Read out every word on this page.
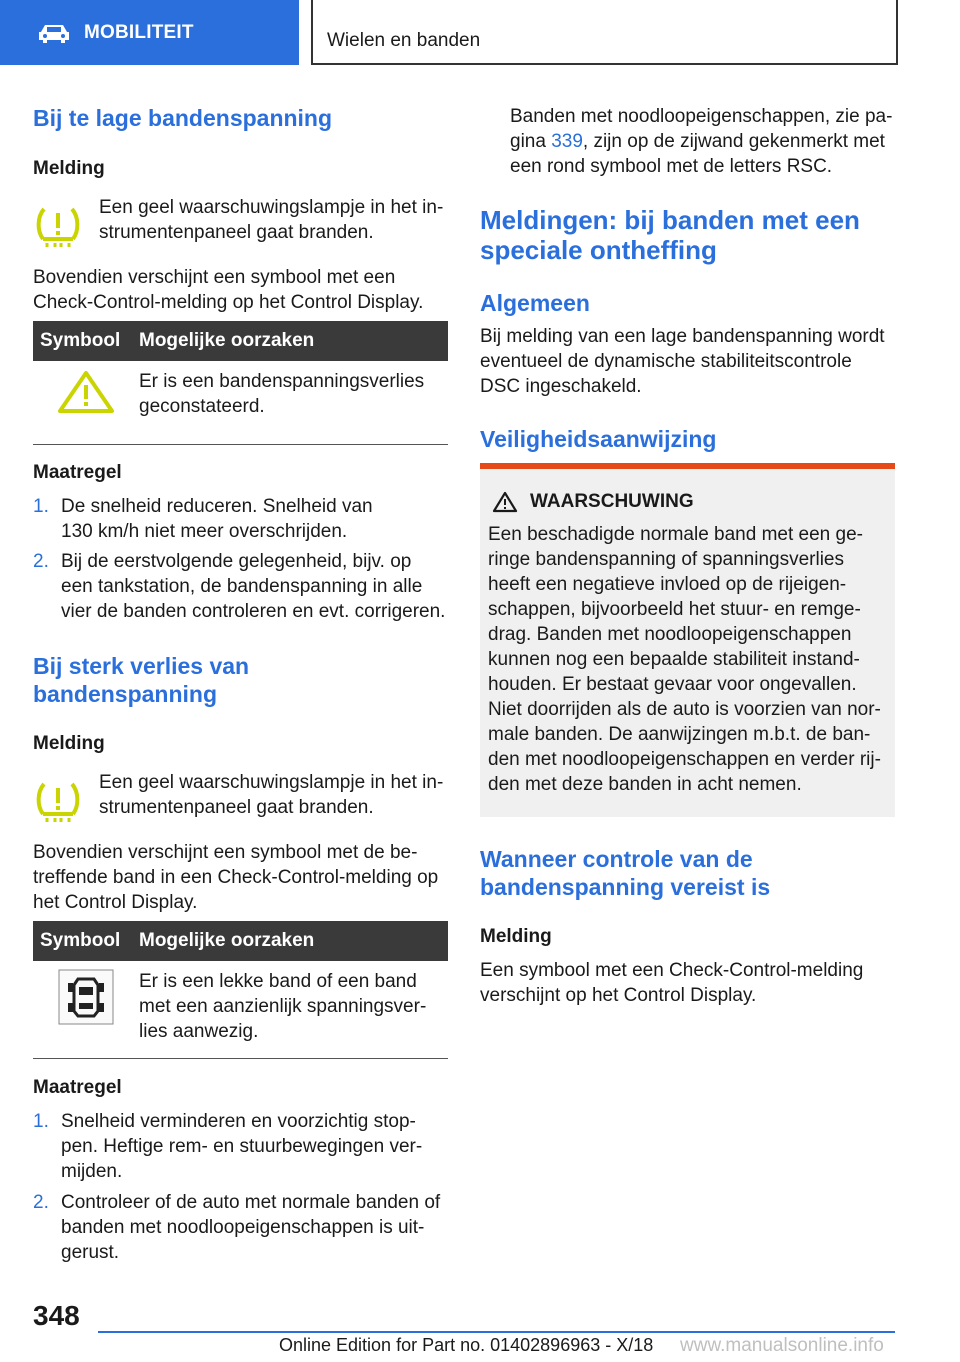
MOBILITEIT	Wielen en banden
Bij te lage bandenspanning
Melding

Een geel waarschuwingslampje in het in-

strumentenpaneel gaat branden.

Bovendien verschijnt een symbool met een

Check-Control-melding op het Control Display.

Symbool Mogelijke oorzaken
Er is een bandenspanningsverlies
geconstateerd.
Maatregel
1. De snelheid reduceren. Snelheid van
130 km/h niet meer overschrijden.
2. Bij de eerstvolgende gelegenheid, bijv. op
een tankstation, de bandenspanning in alle
vier de banden controleren en evt. corrigeren.
Bij sterk verlies van
bandenspanning
Melding

Een geel waarschuwingslampje in het in-

strumentenpaneel gaat branden.

Bovendien verschijnt een symbool met de be-

treffende band in een Check-Control-melding op

het Control Display.

Symbool Mogelijke oorzaken
Er is een lekke band of een band
met een aanzienlijk spanningsver-
lies aanwezig.
Maatregel
1. Snelheid verminderen en voorzichtig stop-
pen. Heftige rem- en stuurbewegingen ver-
mijden.
2. Controleer of de auto met normale banden of
banden met noodloopeigenschappen is uit-
gerust.

Banden met noodloopeigenschappen, zie pa-

gina 339, zijn op de zijwand gekenmerkt met

een rond symbool met de letters RSC.

Meldingen: bij banden met een
speciale ontheffing
Algemeen

Bij melding van een lage bandenspanning wordt

eventueel de dynamische stabiliteitscontrole

DSC ingeschakeld.

Veiligheidsaanwijzing
WAARSCHUWING

Een beschadigde normale band met een ge-

ringe bandenspanning of spanningsverlies

heeft een negatieve invloed op de rijeigen-

schappen, bijvoorbeeld het stuur- en remge-

drag. Banden met noodloopeigenschappen

kunnen nog een bepaalde stabiliteit instand-

houden. Er bestaat gevaar voor ongevallen.

Niet doorrijden als de auto is voorzien van nor-

male banden. De aanwijzingen m.b.t. de ban-

den met noodloopeigenschappen en verder rij-

den met deze banden in acht nemen.

Wanneer controle van de
bandenspanning vereist is
Melding

Een symbool met een Check-Control-melding

verschijnt op het Control Display.

348
Online Edition for Part no. 01402896963 - X/18 www.manualsonline.info
